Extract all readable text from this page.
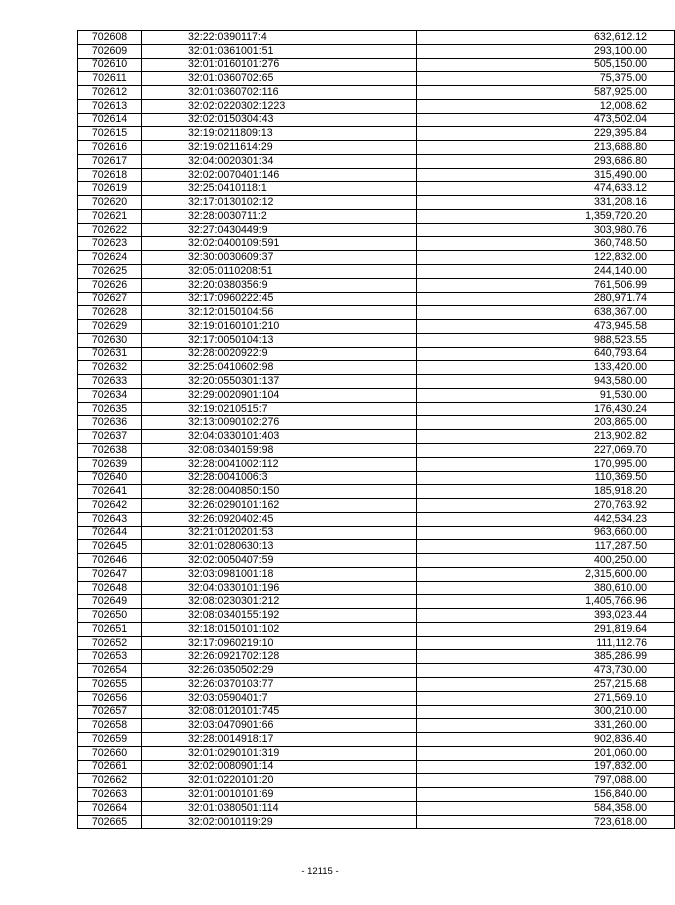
702608	32:22:0390117:4	632,612.12
702609	32:01:0361001:51	293,100.00
702610	32:01:0160101:276	505,150.00
702611	32:01:0360702:65	75,375.00
702612	32:01:0360702:116	587,925.00
702613	32:02:0220302:1223	12,008.62
702614	32:02:0150304:43	473,502.04
702615	32:19:0211809:13	229,395.84
702616	32:19:0211614:29	213,688.80
702617	32:04:0020301:34	293,686.80
702618	32:02:0070401:146	315,490.00
702619	32:25:0410118:1	474,633.12
702620	32:17:0130102:12	331,208.16
702621	32:28:0030711:2	1,359,720.20
702622	32:27:0430449:9	303,980.76
702623	32:02:0400109:591	360,748.50
702624	32:30:0030609:37	122,832.00
702625	32:05:0110208:51	244,140.00
702626	32:20:0380356:9	761,506.99
702627	32:17:0960222:45	280,971.74
702628	32:12:0150104:56	638,367.00
702629	32:19:0160101:210	473,945.58
702630	32:17:0050104:13	988,523.55
702631	32:28:0020922:9	640,793.64
702632	32:25:0410602:98	133,420.00
702633	32:20:0550301:137	943,580.00
702634	32:29:0020901:104	91,530.00
702635	32:19:0210515:7	176,430.24
702636	32:13:0090102:276	203,865.00
702637	32:04:0330101:403	213,902.82
702638	32:08:0340159:98	227,069.70
702639	32:28:0041002:112	170,995.00
702640	32:28:0041006:3	110,369.50
702641	32:28:0040850:150	185,918.20
702642	32:26:0290101:162	270,763.92
702643	32:26:0920402:45	442,534.23
702644	32:21:0120201:53	963,660.00
702645	32:01:0280630:13	117,287.50
702646	32:02:0050407:59	400,250.00
702647	32:03:0981001:18	2,315,600.00
702648	32:04:0330101:196	380,610.00
702649	32:08:0230301:212	1,405,766.96
702650	32:08:0340155:192	393,023.44
702651	32:18:0150101:102	291,819.64
702652	32:17:0960219:10	111,112.76
702653	32:26:0921702:128	385,286.99
702654	32:26:0350502:29	473,730.00
702655	32:26:0370103:77	257,215.68
702656	32:03:0590401:7	271,569.10
702657	32:08:0120101:745	300,210.00
702658	32:03:0470901:66	331,260.00
702659	32:28:0014918:17	902,836.40
702660	32:01:0290101:319	201,060.00
702661	32:02:0080901:14	197,832.00
702662	32:01:0220101:20	797,088.00
702663	32:01:0010101:69	156,840.00
702664	32:01:0380501:114	584,358.00
702665	32:02:0010119:29	723,618.00
- 12115 -
